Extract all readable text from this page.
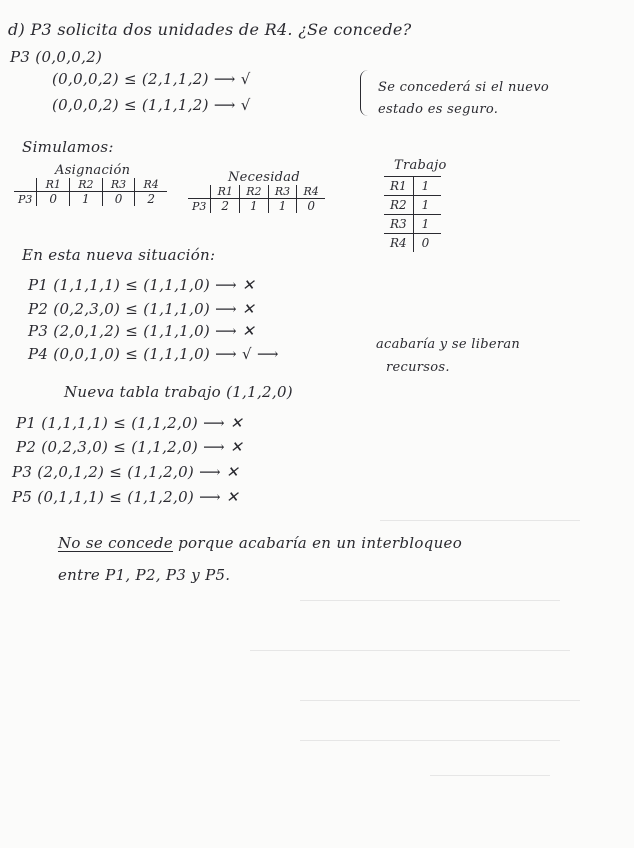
d) P3 solicita dos unidades de R4. ¿Se concede?
P3 (0,0,0,2)
(0,0,0,2) ≤ (2,1,1,2) ⟶ √
(0,0,0,2) ≤ (1,1,1,2) ⟶ √
Se concederá si el nuevo
estado es seguro.
Simulamos:
Asignación
	R1	R2	R3	R4
P3	0	1	0	2
Necesidad
	R1	R2	R3	R4
P3	2	1	1	0
Trabajo
R1	1
R2	1
R3	1
R4	0
En esta nueva situación:
P1 (1,1,1,1) ≤ (1,1,1,0) ⟶ ✕
P2 (0,2,3,0) ≤ (1,1,1,0) ⟶ ✕
P3 (2,0,1,2) ≤ (1,1,1,0) ⟶ ✕
P4 (0,0,1,0) ≤ (1,1,1,0) ⟶ √ ⟶
acabaría y se liberan
recursos.
Nueva tabla trabajo (1,1,2,0)
P1 (1,1,1,1) ≤ (1,1,2,0) ⟶ ✕
P2 (0,2,3,0) ≤ (1,1,2,0) ⟶ ✕
P3 (2,0,1,2) ≤ (1,1,2,0) ⟶ ✕
P5 (0,1,1,1) ≤ (1,1,2,0) ⟶ ✕
No se concede porque acabaría en un interbloqueo
entre P1, P2, P3 y P5.
